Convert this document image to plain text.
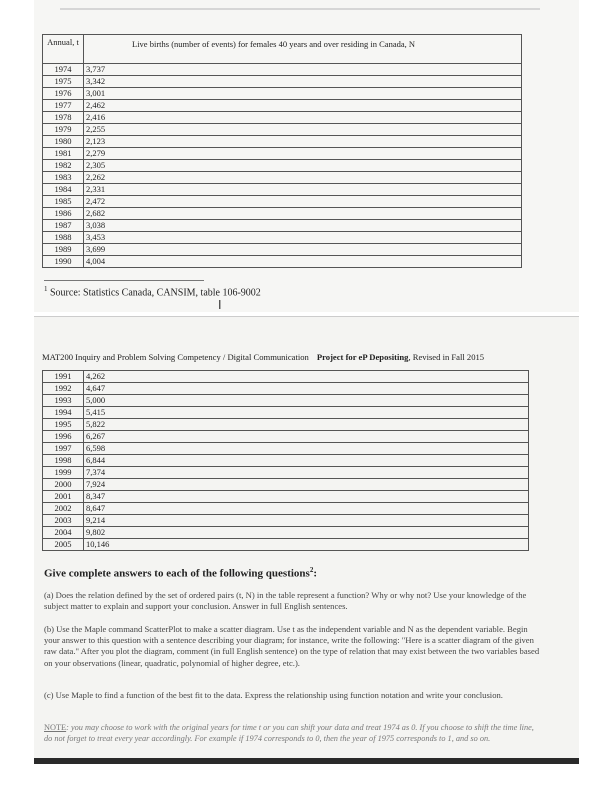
Annual, t	Live births (number of events) for females 40 years and over residing in Canada, N
1974	3,737
1975	3,342
1976	3,001
1977	2,462
1978	2,416
1979	2,255
1980	2,123
1981	2,279
1982	2,305
1983	2,262
1984	2,331
1985	2,472
1986	2,682
1987	3,038
1988	3,453
1989	3,699
1990	4,004
$^1$ Source: Statistics Canada, CANSIM, table 106-9002
I
MAT200 Inquiry and Problem Solving Competency / Digital Communication Project for eP Depositing, Revised in Fall 2015
1991	4,262
1992	4,647
1993	5,000
1994	5,415
1995	5,822
1996	6,267
1997	6,598
1998	6,844
1999	7,374
2000	7,924
2001	8,347
2002	8,647
2003	9,214
2004	9,802
2005	10,146
Give complete answers to each of the following questions$^2$:
(a) Does the relation defined by the set of ordered pairs (t, N) in the table represent a function? Why or why not? Use your knowledge of the subject matter to explain and support your conclusion. Answer in full English sentences.
(b) Use the Maple command ScatterPlot to make a scatter diagram. Use t as the independent variable and N as the dependent variable. Begin your answer to this question with a sentence describing your diagram; for instance, write the following: "Here is a scatter diagram of the given raw data." After you plot the diagram, comment (in full English sentence) on the type of relation that may exist between the two variables based on your observations (linear, quadratic, polynomial of higher degree, etc.).
(c) Use Maple to find a function of the best fit to the data. Express the relationship using function notation and write your conclusion.
NOTE: you may choose to work with the original years for time t or you can shift your data and treat 1974 as 0. If you choose to shift the time line, do not forget to treat every year accordingly. For example if 1974 corresponds to 0, then the year of 1975 corresponds to 1, and so on.
